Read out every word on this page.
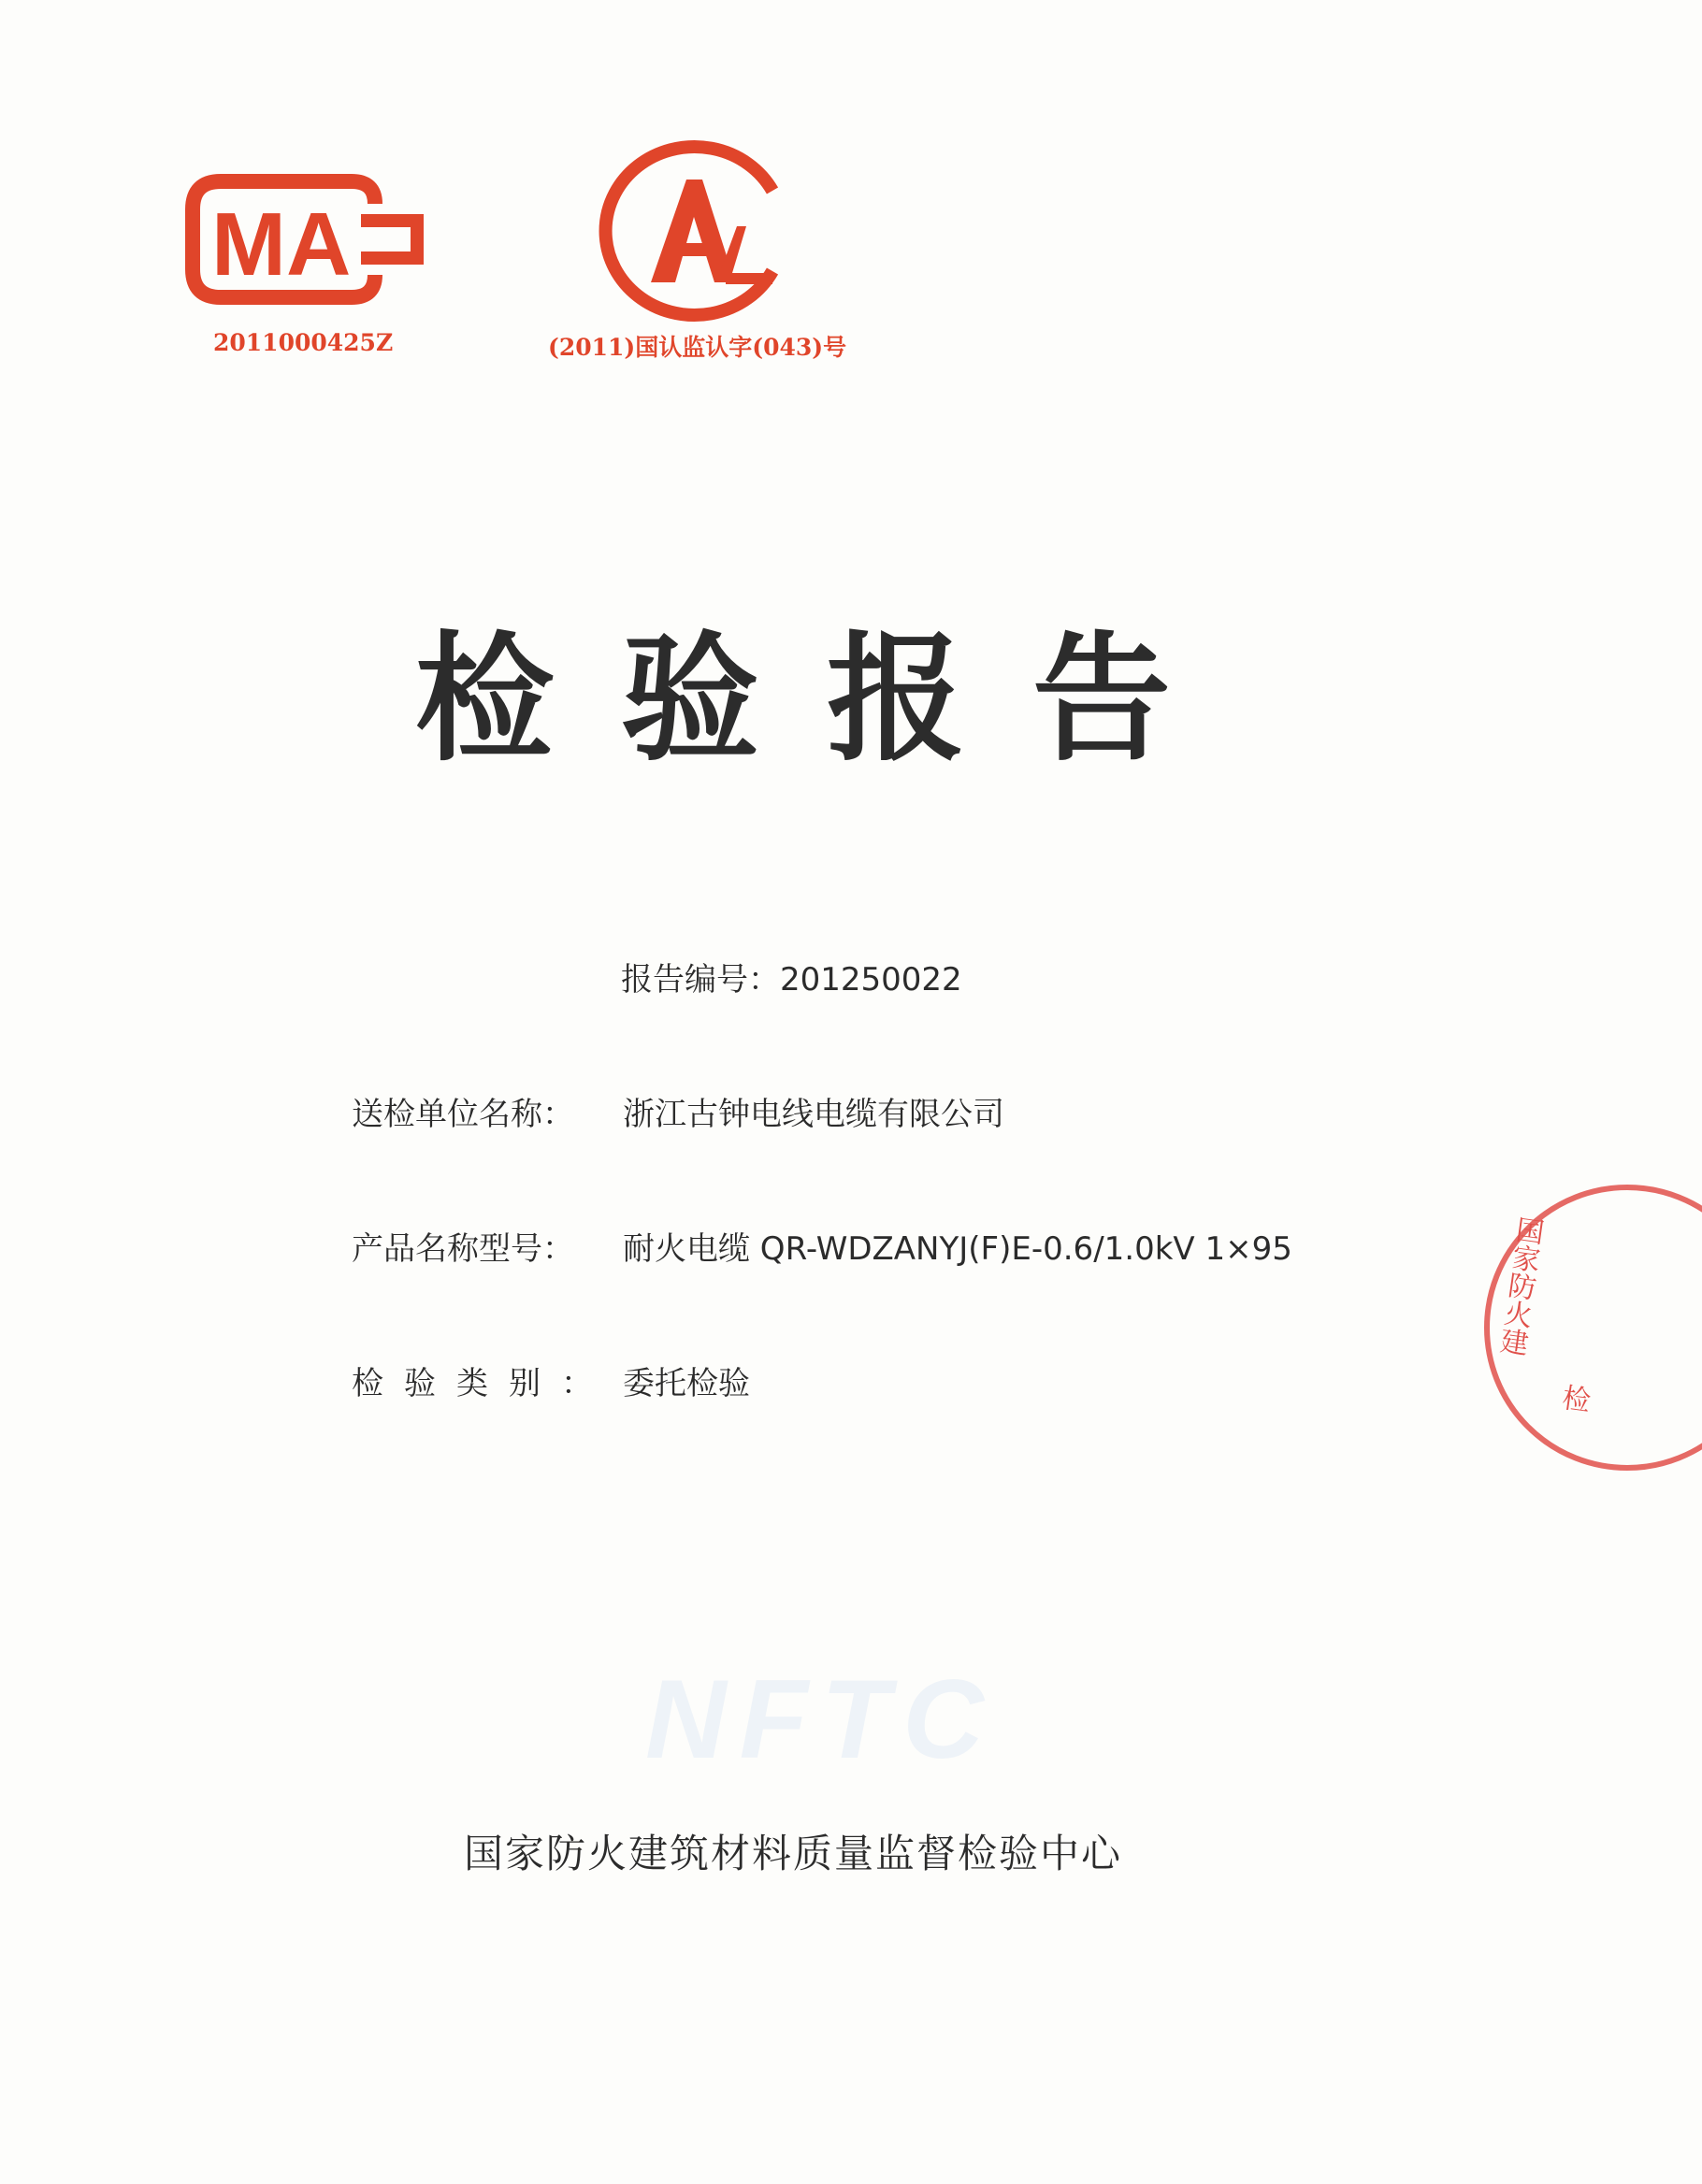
MA
2011000425Z	(2011)国认监认字(043)号
检 验 报 告
报告编号：201250022
送检单位名称： 浙江古钟电线电缆有限公司
产品名称型号： 耐火电缆 QR-WDZANYJ(F)E-0.6/1.0kV 1×95
检验类别： 委托检验
NFTC
国家防火建筑材料质量监督检验中心
国家防火建
检
